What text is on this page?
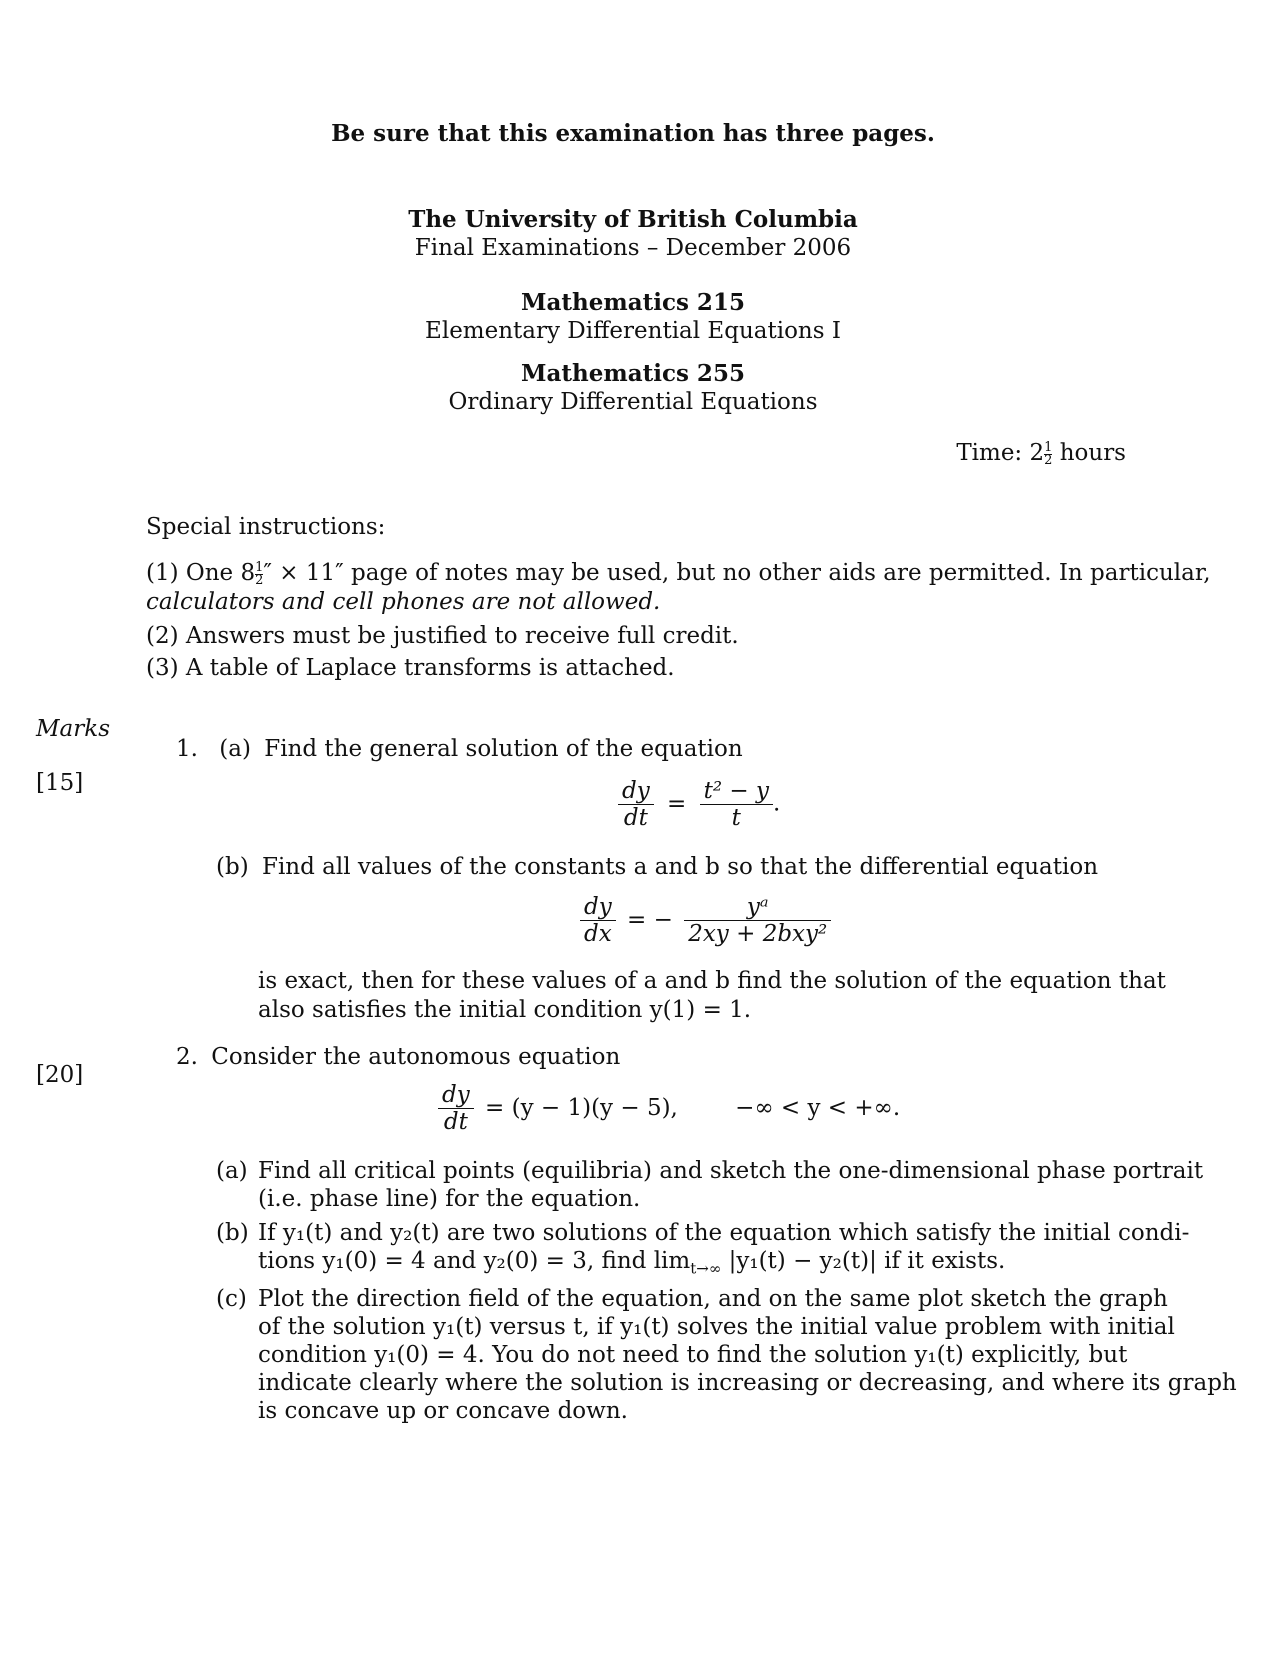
Be sure that this examination has three pages.
The University of British Columbia
Final Examinations – December 2006
Mathematics 215
Elementary Differential Equations I
Mathematics 255
Ordinary Differential Equations
Time: $2 \frac{1}{2}$ hours
Special instructions:
(1) One $8 \frac{1}{2}$ ″ × 11″ page of notes may be used, but no other aids are permitted. In particular,
calculators and cell phones are not allowed.
(2) Answers must be justified to receive full credit.
(3) A table of Laplace transforms is attached.
Marks
[15]
[20]
1. (a) Find the general solution of the equation
$\frac{dy}{dt} = \frac{\text{t² − y}}{t}$ .
(b) Find all values of the constants a and b so that the differential equation
$\frac{dy}{dx}$ = − $\frac{\text{yᵃ}}{\text{2xy + 2bxy²}}$
is exact, then for these values of a and b find the solution of the equation that
also satisfies the initial condition y(1) = 1.
2. Consider the autonomous equation
$\frac{dy}{dt} = (y - 1)(y - 5)$, −∞ < y < +∞.
(a) Find all critical points (equilibria) and sketch the one-dimensional phase portrait
(i.e. phase line) for the equation.
(b) If y₁(t) and y₂(t) are two solutions of the equation which satisfy the initial condi-
tions y₁(0) = 4 and y₂(0) = 3, find $\lim_{t\to\infty} |y_1(t) - y_2(t)|$ if it exists.
(c) Plot the direction field of the equation, and on the same plot sketch the graph
of the solution y₁(t) versus t, if y₁(t) solves the initial value problem with initial
condition y₁(0) = 4. You do not need to find the solution y₁(t) explicitly, but
indicate clearly where the solution is increasing or decreasing, and where its graph
is concave up or concave down.
